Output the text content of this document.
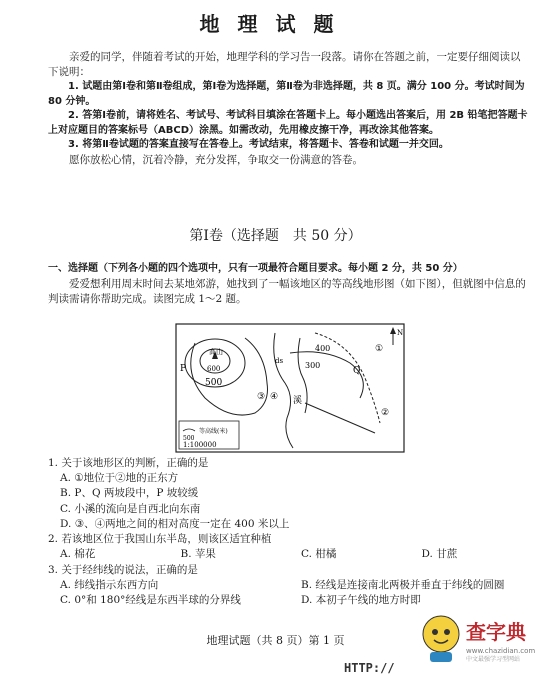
地理试题

亲爱的同学，伴随着考试的开始，地理学科的学习告一段落。请你在答题之前，一定要仔细阅读以下说明：

1. 试题由第Ⅰ卷和第Ⅱ卷组成，第Ⅰ卷为选择题，第Ⅱ卷为非选择题，共 8 页。满分 100 分。考试时间为 80 分钟。

2. 答第Ⅰ卷前，请将姓名、考试号、考试科目填涂在答题卡上。每小题选出答案后，用 2B 铅笔把答题卡上对应题目的答案标号（ABCD）涂黑。如需改动，先用橡皮擦干净，再改涂其他答案。

3. 将第Ⅱ卷试题的答案直接写在答卷上。考试结束，将答题卡、答卷和试题一并交回。

愿你放松心情，沉着冷静，充分发挥，争取交一份满意的答卷。

第Ⅰ卷（选择题　共 50 分）

一、选择题（下列各小题的四个选项中，只有一项最符合题目要求。每小题 2 分，共 50 分）

爱爱想利用周末时间去某地郊游，她找到了一幅该地区的等高线地形图（如下图），但就图中信息的判读需请你帮助完成。读图完成 1～2 题。

高山
600
P
500
400
300
ds
Q
溪
①
②
③ ④
N
500
等高线(米)
1:100000

1. 关于该地形区的判断，正确的是

A. ①地位于②地的正东方

B. P、Q 两坡段中，P 坡较缓

C. 小溪的流向是自西北向东南

D. ③、④两地之间的相对高度一定在 400 米以上

2. 若该地区位于我国山东半岛，则该区适宜种植

A. 棉花	B. 苹果	C. 柑橘	D. 甘蔗

3. 关于经纬线的说法，正确的是

A. 纬线指示东西方向	B. 经线是连接南北两极并垂直于纬线的圆圈

C. 0°和 180°经线是东西半球的分界线	D. 本初子午线的地方时即

地理试题（共 8 页）第 1 页
HTTP://
查字典
www.chazidian.com
中文最强学习型网站
